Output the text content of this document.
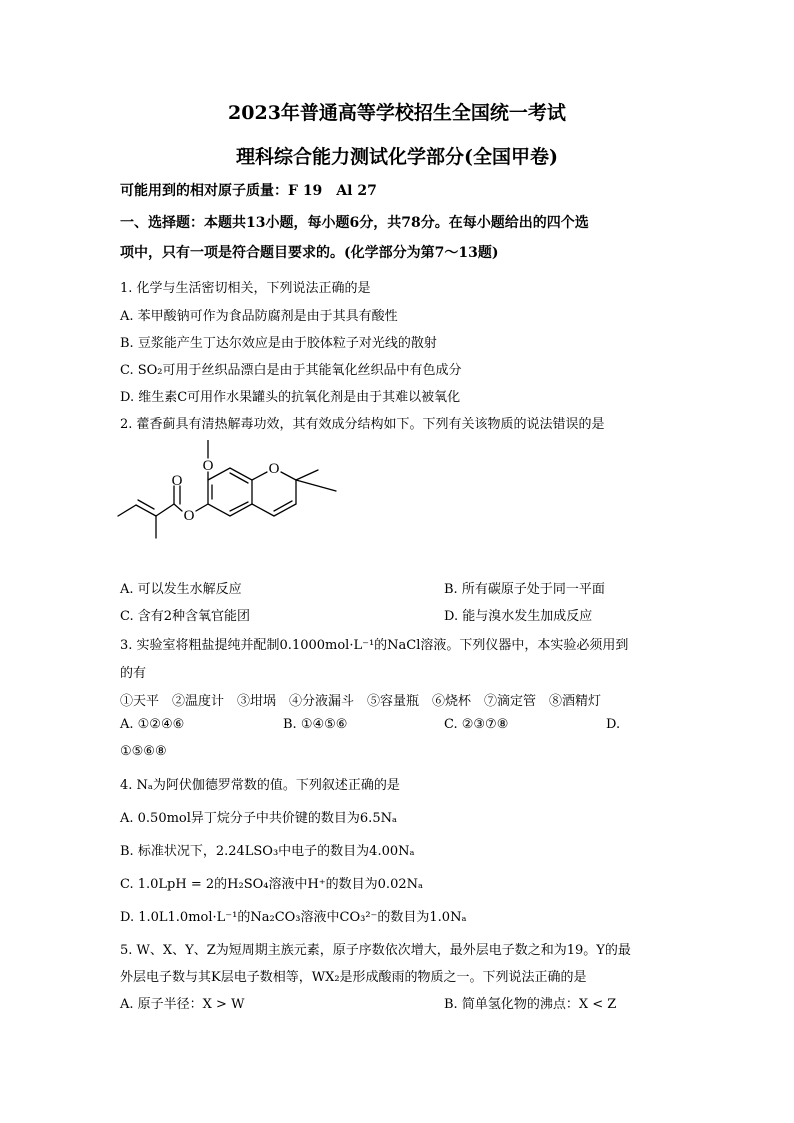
2023年普通高等学校招生全国统一考试
理科综合能力测试化学部分(全国甲卷)
可能用到的相对原子质量：F 19　Al 27
一、选择题：本题共13小题，每小题6分，共78分。在每小题给出的四个选
项中，只有一项是符合题目要求的。(化学部分为第7～13题)
1. 化学与生活密切相关，下列说法正确的是
A. 苯甲酸钠可作为食品防腐剂是由于其具有酸性
B. 豆浆能产生丁达尔效应是由于胶体粒子对光线的散射
C. SO₂可用于丝织品漂白是由于其能氧化丝织品中有色成分
D. 维生素C可用作水果罐头的抗氧化剂是由于其难以被氧化
2. 藿香蓟具有清热解毒功效，其有效成分结构如下。下列有关该物质的说法错误的是
O	O
O
O
A. 可以发生水解反应	B. 所有碳原子处于同一平面
C. 含有2种含氧官能团	D. 能与溴水发生加成反应
3. 实验室将粗盐提纯并配制0.1000mol·L⁻¹的NaCl溶液。下列仪器中，本实验必须用到
的有
①天平　②温度计　③坩埚　④分液漏斗　⑤容量瓶　⑥烧杯　⑦滴定管　⑧酒精灯
A. ①②④⑥	B. ①④⑤⑥	C. ②③⑦⑧	D.
①⑤⑥⑧
4. Nₐ为阿伏伽德罗常数的值。下列叙述正确的是
A. 0.50mol异丁烷分子中共价键的数目为6.5Nₐ
B. 标准状况下，2.24LSO₃中电子的数目为4.00Nₐ
C. 1.0LpH = 2的H₂SO₄溶液中H⁺的数目为0.02Nₐ
D. 1.0L1.0mol·L⁻¹的Na₂CO₃溶液中CO₃²⁻的数目为1.0Nₐ
5. W、X、Y、Z为短周期主族元素，原子序数依次增大，最外层电子数之和为19。Y的最
外层电子数与其K层电子数相等，WX₂是形成酸雨的物质之一。下列说法正确的是
A. 原子半径：X > W	B. 简单氢化物的沸点：X < Z
